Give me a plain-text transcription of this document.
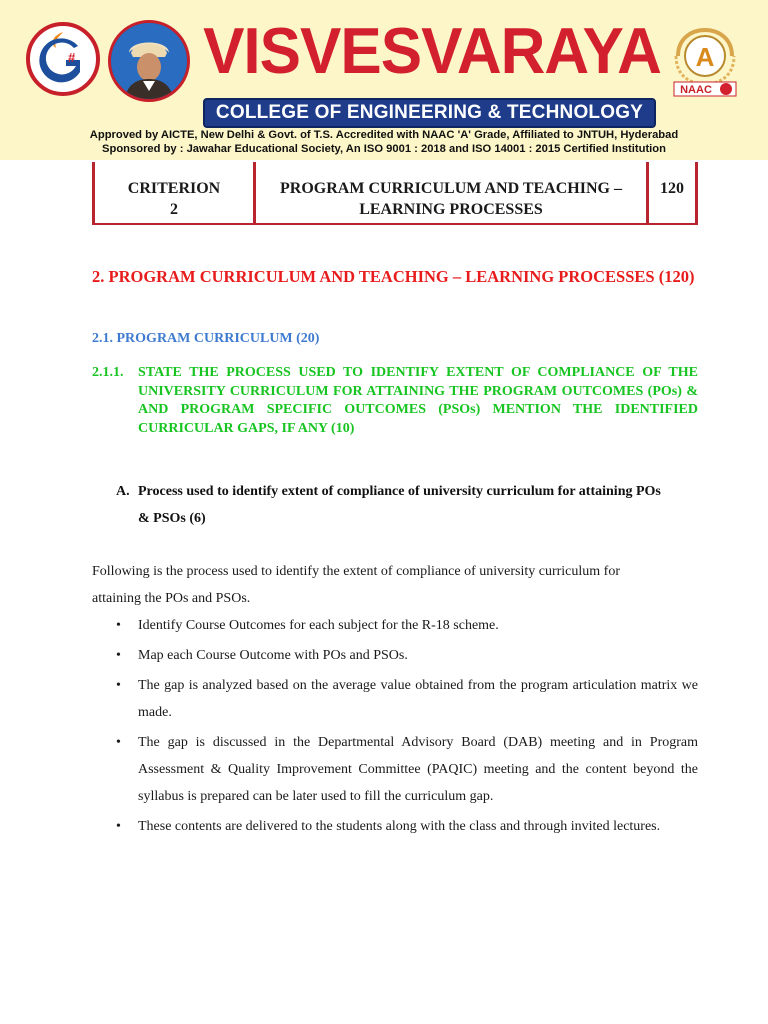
# VISVESVARAYA
COLLEGE OF ENGINEERING & TECHNOLOGY
A
NAAC
Approved by AICTE, New Delhi & Govt. of T.S. Accredited with NAAC 'A' Grade, Affiliated to JNTUH, Hyderabad
Sponsored by : Jawahar Educational Society, An ISO 9001 : 2018 and ISO 14001 : 2015 Certified Institution
CRITERION
2

PROGRAM CURRICULUM AND TEACHING –
LEARNING PROCESSES

120
2. PROGRAM CURRICULUM AND TEACHING – LEARNING PROCESSES (120)
2.1. PROGRAM CURRICULUM (20)
2.1.1. STATE THE PROCESS USED TO IDENTIFY EXTENT OF COMPLIANCE OF THE UNIVERSITY CURRICULUM FOR ATTAINING THE PROGRAM OUTCOMES (POs) & AND PROGRAM SPECIFIC OUTCOMES (PSOs) MENTION THE IDENTIFIED CURRICULAR GAPS, IF ANY (10)
A. Process used to identify extent of compliance of university curriculum for attaining POs & PSOs (6)
Following is the process used to identify the extent of compliance of university curriculum for attaining the POs and PSOs.
• Identify Course Outcomes for each subject for the R-18 scheme.
• Map each Course Outcome with POs and PSOs.
• The gap is analyzed based on the average value obtained from the program articulation matrix we made.
• The gap is discussed in the Departmental Advisory Board (DAB) meeting and in Program Assessment & Quality Improvement Committee (PAQIC) meeting and the content beyond the syllabus is prepared can be later used to fill the curriculum gap.
• These contents are delivered to the students along with the class and through invited lectures.
